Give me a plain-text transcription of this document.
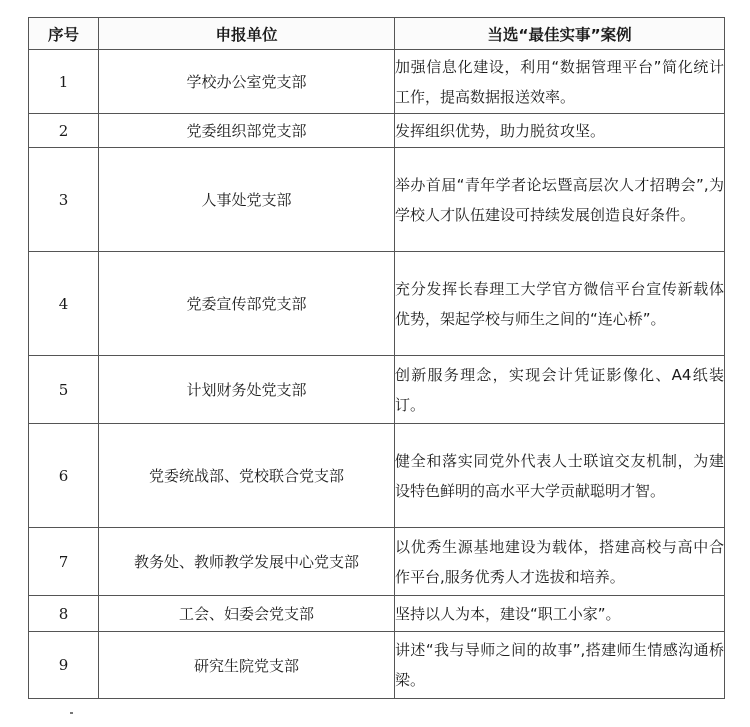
序号	申报单位	当选“最佳实事”案例
1	学校办公室党支部	加强信息化建设，利用“数据管理平台”简化统计工作，提高数据报送效率。
2	党委组织部党支部	发挥组织优势，助力脱贫攻坚。
3	人事处党支部	举办首届“青年学者论坛暨高层次人才招聘会”,为学校人才队伍建设可持续发展创造良好条件。
4	党委宣传部党支部	充分发挥长春理工大学官方微信平台宣传新载体优势，架起学校与师生之间的“连心桥”。
5	计划财务处党支部	创新服务理念，实现会计凭证影像化、A4纸装订。
6	党委统战部、党校联合党支部	健全和落实同党外代表人士联谊交友机制，为建设特色鲜明的高水平大学贡献聪明才智。
7	教务处、教师教学发展中心党支部	以优秀生源基地建设为载体，搭建高校与高中合作平台,服务优秀人才选拔和培养。
8	工会、妇委会党支部	坚持以人为本，建设“职工小家”。
9	研究生院党支部	讲述“我与导师之间的故事”,搭建师生情感沟通桥梁。
